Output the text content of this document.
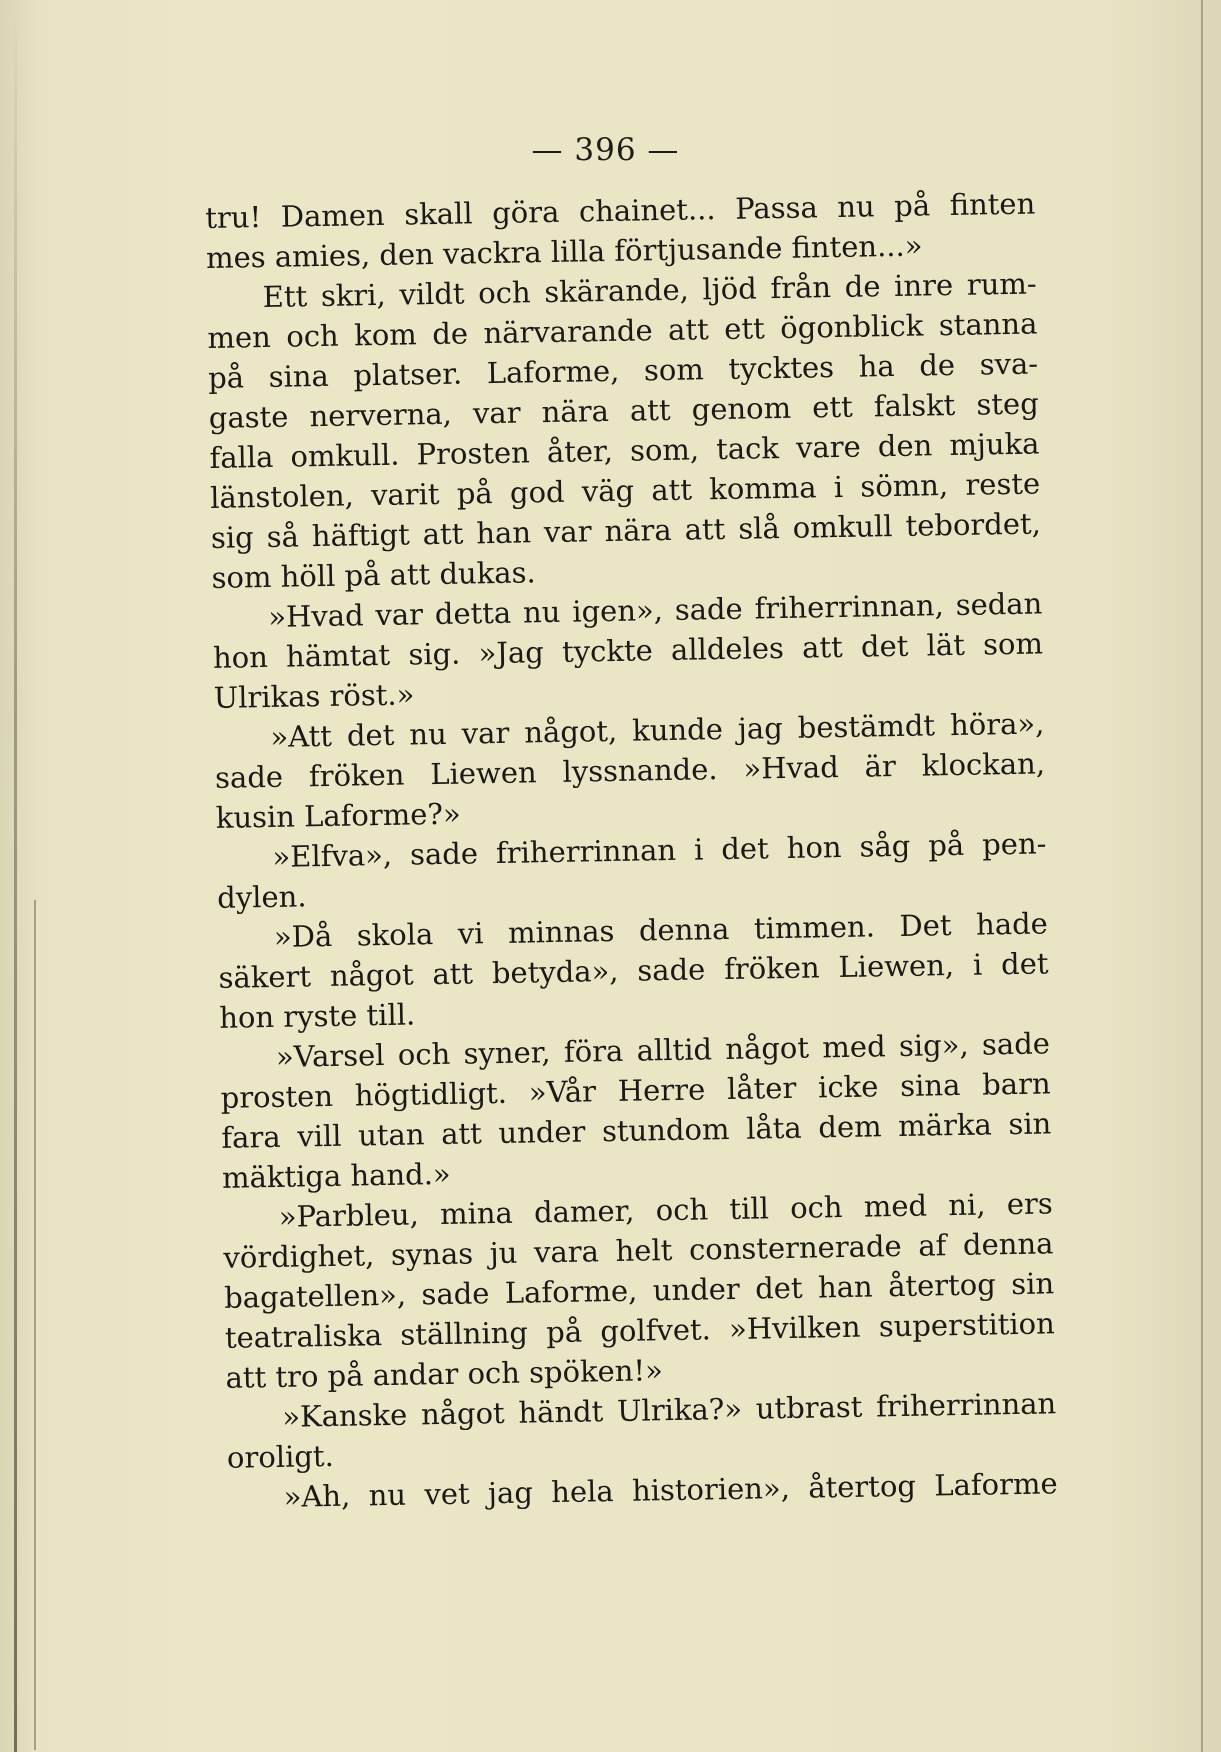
— 396 —
tru! Damen skall göra chainet... Passa nu på finten
mes amies, den vackra lilla förtjusande finten...»
Ett skri, vildt och skärande, ljöd från de inre rum-
men och kom de närvarande att ett ögonblick stanna
på sina platser. Laforme, som tycktes ha de sva-
gaste nerverna, var nära att genom ett falskt steg
falla omkull. Prosten åter, som, tack vare den mjuka
länstolen, varit på god väg att komma i sömn, reste
sig så häftigt att han var nära att slå omkull tebordet,
som höll på att dukas.
»Hvad var detta nu igen», sade friherrinnan, sedan
hon hämtat sig. »Jag tyckte alldeles att det lät som
Ulrikas röst.»
»Att det nu var något, kunde jag bestämdt höra»,
sade fröken Liewen lyssnande. »Hvad är klockan,
kusin Laforme?»
»Elfva», sade friherrinnan i det hon såg på pen-
dylen.
»Då skola vi minnas denna timmen. Det hade
säkert något att betyda», sade fröken Liewen, i det
hon ryste till.
»Varsel och syner, föra alltid något med sig», sade
prosten högtidligt. »Vår Herre låter icke sina barn
fara vill utan att under stundom låta dem märka sin
mäktiga hand.»
»Parbleu, mina damer, och till och med ni, ers
vördighet, synas ju vara helt consternerade af denna
bagatellen», sade Laforme, under det han återtog sin
teatraliska ställning på golfvet. »Hvilken superstition
att tro på andar och spöken!»
»Kanske något händt Ulrika?» utbrast friherrinnan
oroligt.
»Ah, nu vet jag hela historien», återtog Laforme
